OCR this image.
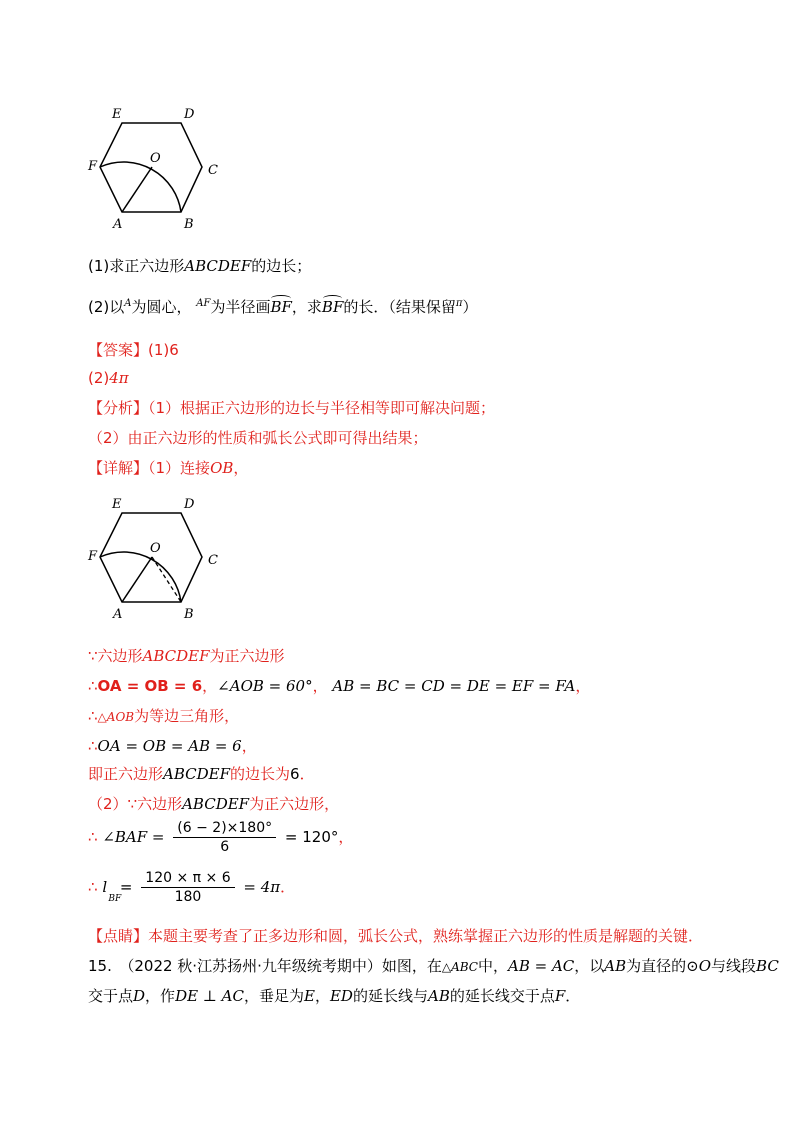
E	D
F
O
C
A	B
(1)求正六边形ABCDEF的边长；
(2)以$^A$为圆心， $^{AF}$为半径画BF，求BF的长．（结果保留$^\pi$）
【答案】(1)6
(2)4π
【分析】（1）根据正六边形的边长与半径相等即可解决问题；
（2）由正六边形的性质和弧长公式即可得出结果；
【详解】（1）连接OB，
E	D
F
O
C
A	B
∵六边形ABCDEF为正六边形
∴OA = OB = 6，∠AOB = 60°， AB = BC = CD = DE = EF = FA，
∴△AOB为等边三角形，
∴OA = OB = AB = 6，
即正六边形ABCDEF的边长为6．
（2）∵六边形ABCDEF为正六边形，
∴ ∠BAF = $\frac{(6 - 2)\times 180^\circ}{6} = 120^\circ$，
∴ l
BF
= $\frac{120 \times \pi \times 6}{180} = 4\pi$．
【点睛】本题主要考查了正多边形和圆，弧长公式，熟练掌握正六边形的性质是解题的关键．
15.　（2022 秋·江苏扬州·九年级统考期中）如图，在△ABC中，AB = AC，以AB为直径的⊙O与线段BC
交于点D，作DE ⊥ AC，垂足为E，ED的延长线与AB的延长线交于点F．
